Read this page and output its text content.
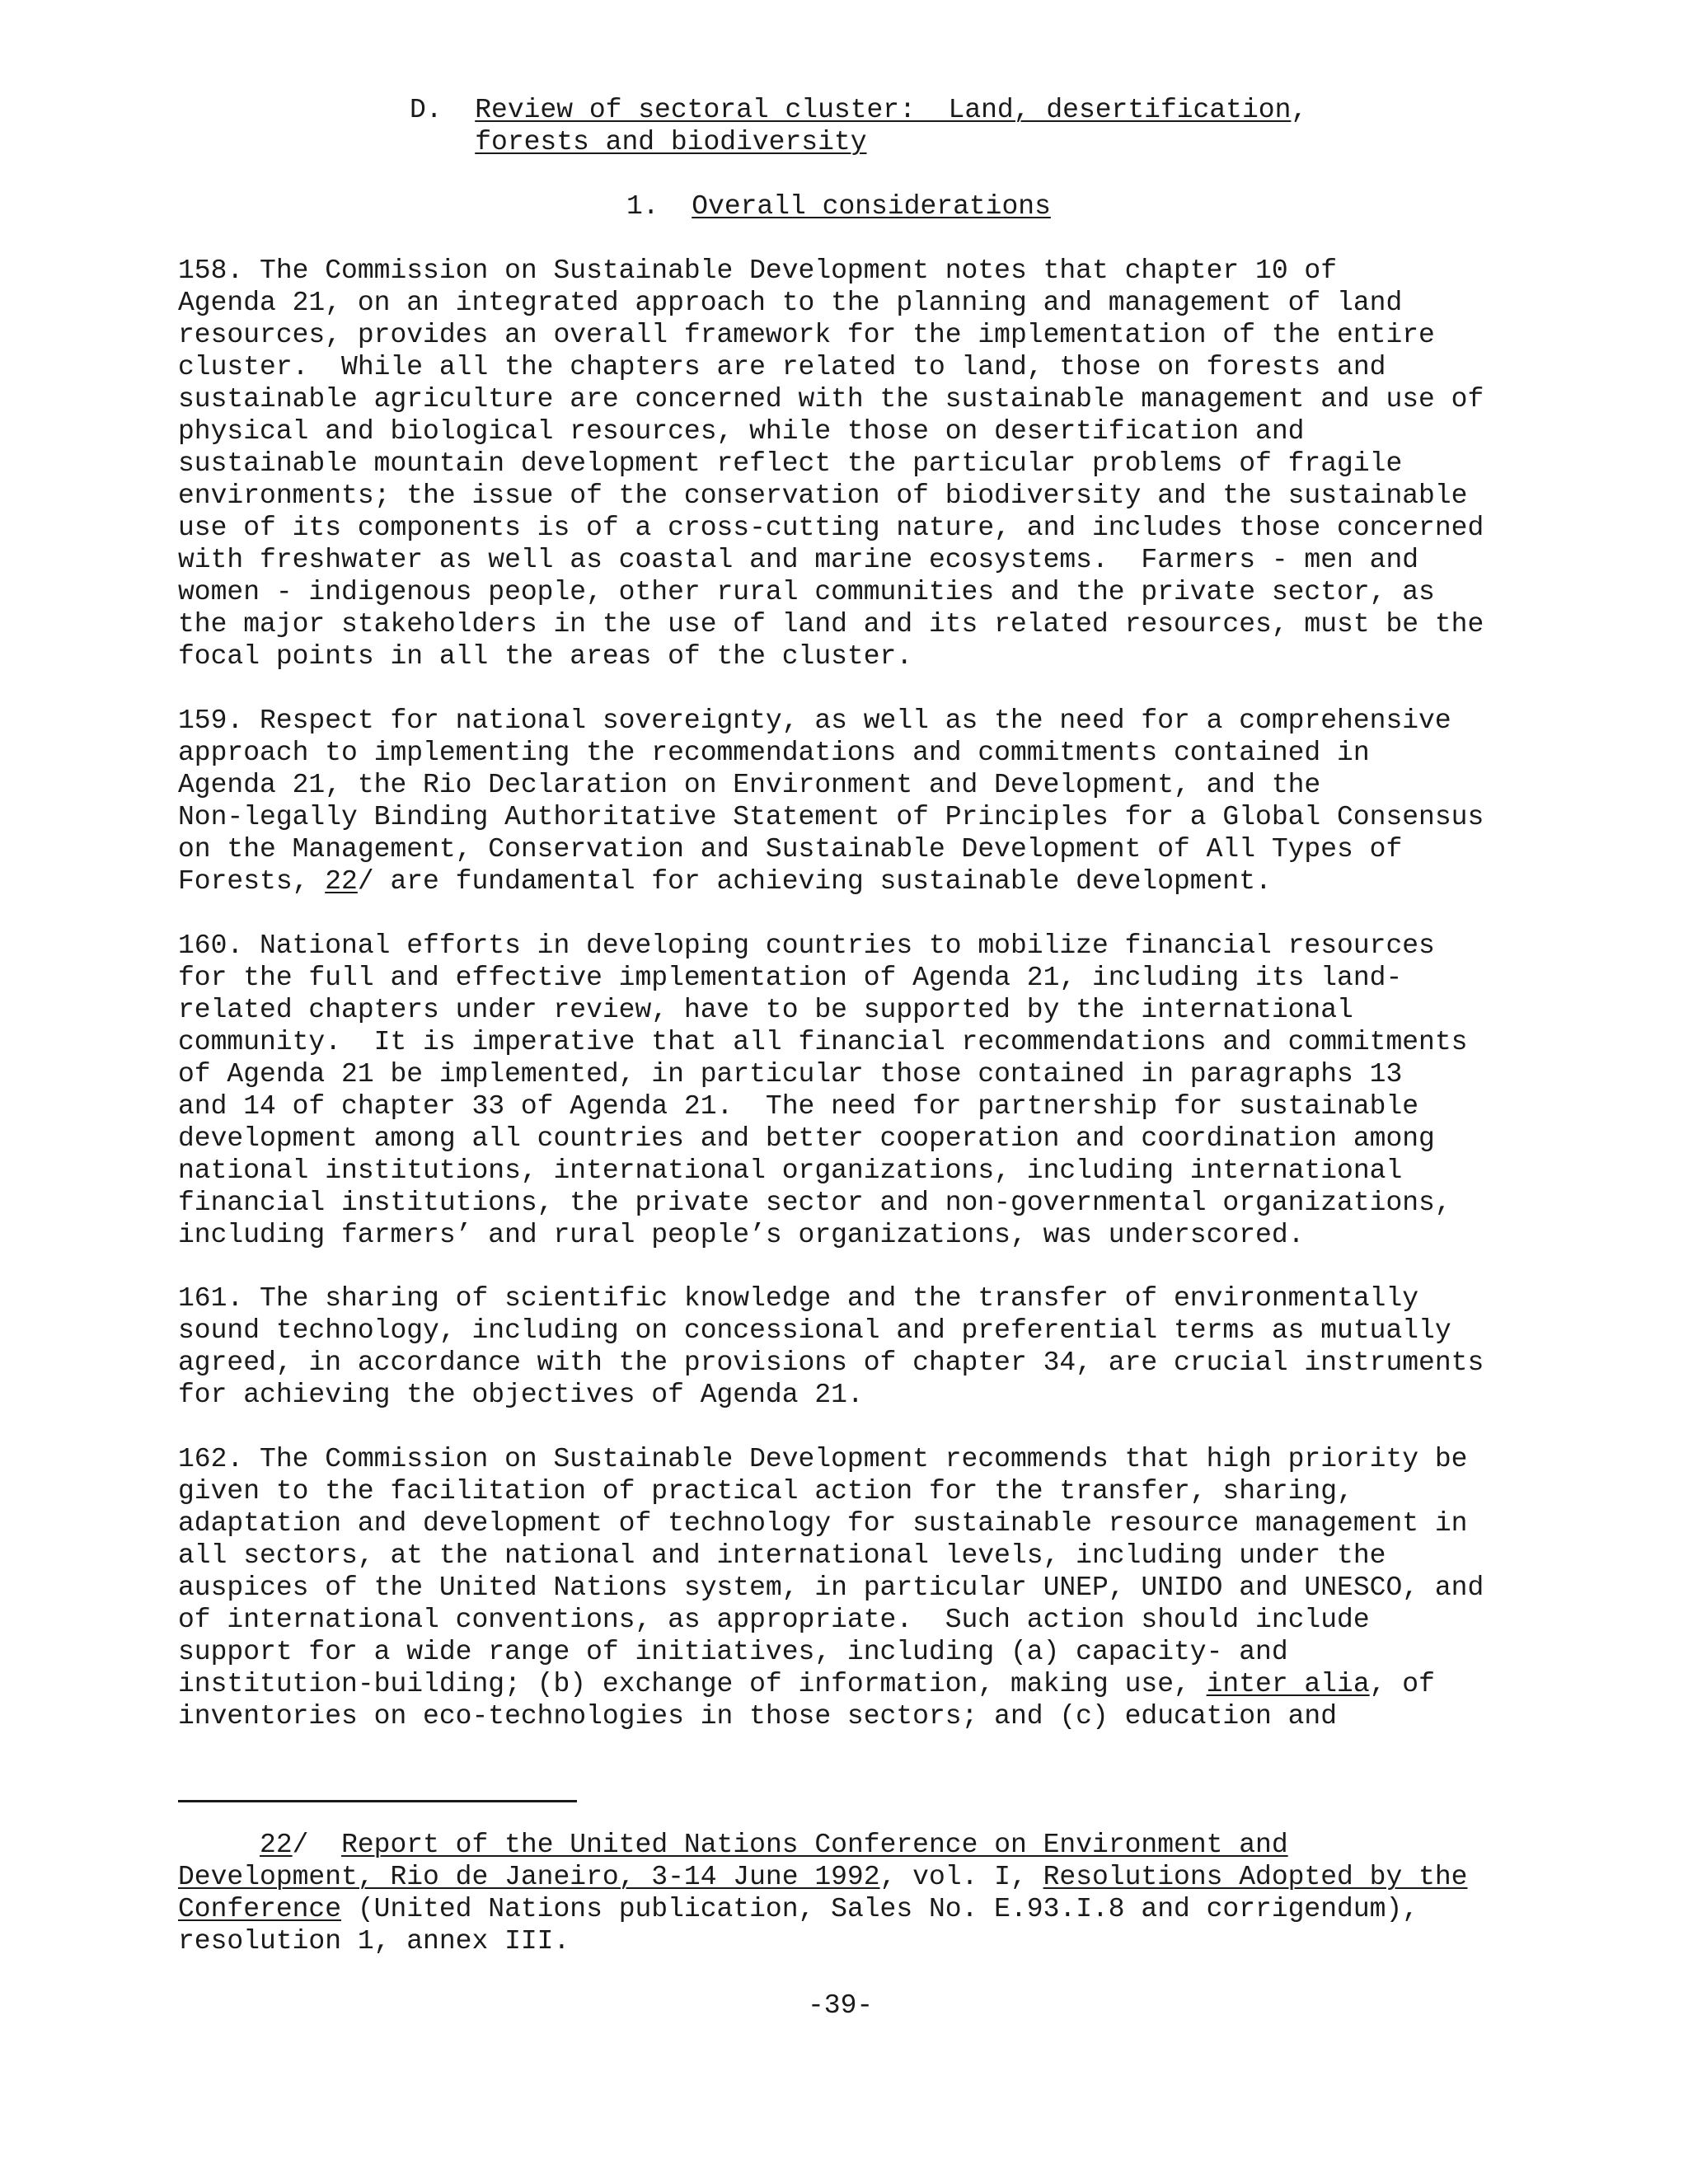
D. Review of sectoral cluster:  Land, desertification,
forests and biodiversity
1. Overall considerations
158. The Commission on Sustainable Development notes that chapter 10 of
Agenda 21, on an integrated approach to the planning and management of land
resources, provides an overall framework for the implementation of the entire
cluster.  While all the chapters are related to land, those on forests and
sustainable agriculture are concerned with the sustainable management and use of
physical and biological resources, while those on desertification and
sustainable mountain development reflect the particular problems of fragile
environments; the issue of the conservation of biodiversity and the sustainable
use of its components is of a cross-cutting nature, and includes those concerned
with freshwater as well as coastal and marine ecosystems.  Farmers - men and
women - indigenous people, other rural communities and the private sector, as
the major stakeholders in the use of land and its related resources, must be the
focal points in all the areas of the cluster.
159. Respect for national sovereignty, as well as the need for a comprehensive
approach to implementing the recommendations and commitments contained in
Agenda 21, the Rio Declaration on Environment and Development, and the
Non-legally Binding Authoritative Statement of Principles for a Global Consensus
on the Management, Conservation and Sustainable Development of All Types of
Forests, 22/ are fundamental for achieving sustainable development.
160. National efforts in developing countries to mobilize financial resources
for the full and effective implementation of Agenda 21, including its land-
related chapters under review, have to be supported by the international
community.  It is imperative that all financial recommendations and commitments
of Agenda 21 be implemented, in particular those contained in paragraphs 13
and 14 of chapter 33 of Agenda 21.  The need for partnership for sustainable
development among all countries and better cooperation and coordination among
national institutions, international organizations, including international
financial institutions, the private sector and non-governmental organizations,
including farmers’ and rural people’s organizations, was underscored.
161. The sharing of scientific knowledge and the transfer of environmentally
sound technology, including on concessional and preferential terms as mutually
agreed, in accordance with the provisions of chapter 34, are crucial instruments
for achieving the objectives of Agenda 21.
162. The Commission on Sustainable Development recommends that high priority be
given to the facilitation of practical action for the transfer, sharing,
adaptation and development of technology for sustainable resource management in
all sectors, at the national and international levels, including under the
auspices of the United Nations system, in particular UNEP, UNIDO and UNESCO, and
of international conventions, as appropriate.  Such action should include
support for a wide range of initiatives, including (a) capacity- and
institution-building; (b) exchange of information, making use, inter alia, of
inventories on eco-technologies in those sectors; and (c) education and
22/  Report of the United Nations Conference on Environment and
Development, Rio de Janeiro, 3-14 June 1992, vol. I, Resolutions Adopted by the
Conference (United Nations publication, Sales No. E.93.I.8 and corrigendum),
resolution 1, annex III.
-39-
